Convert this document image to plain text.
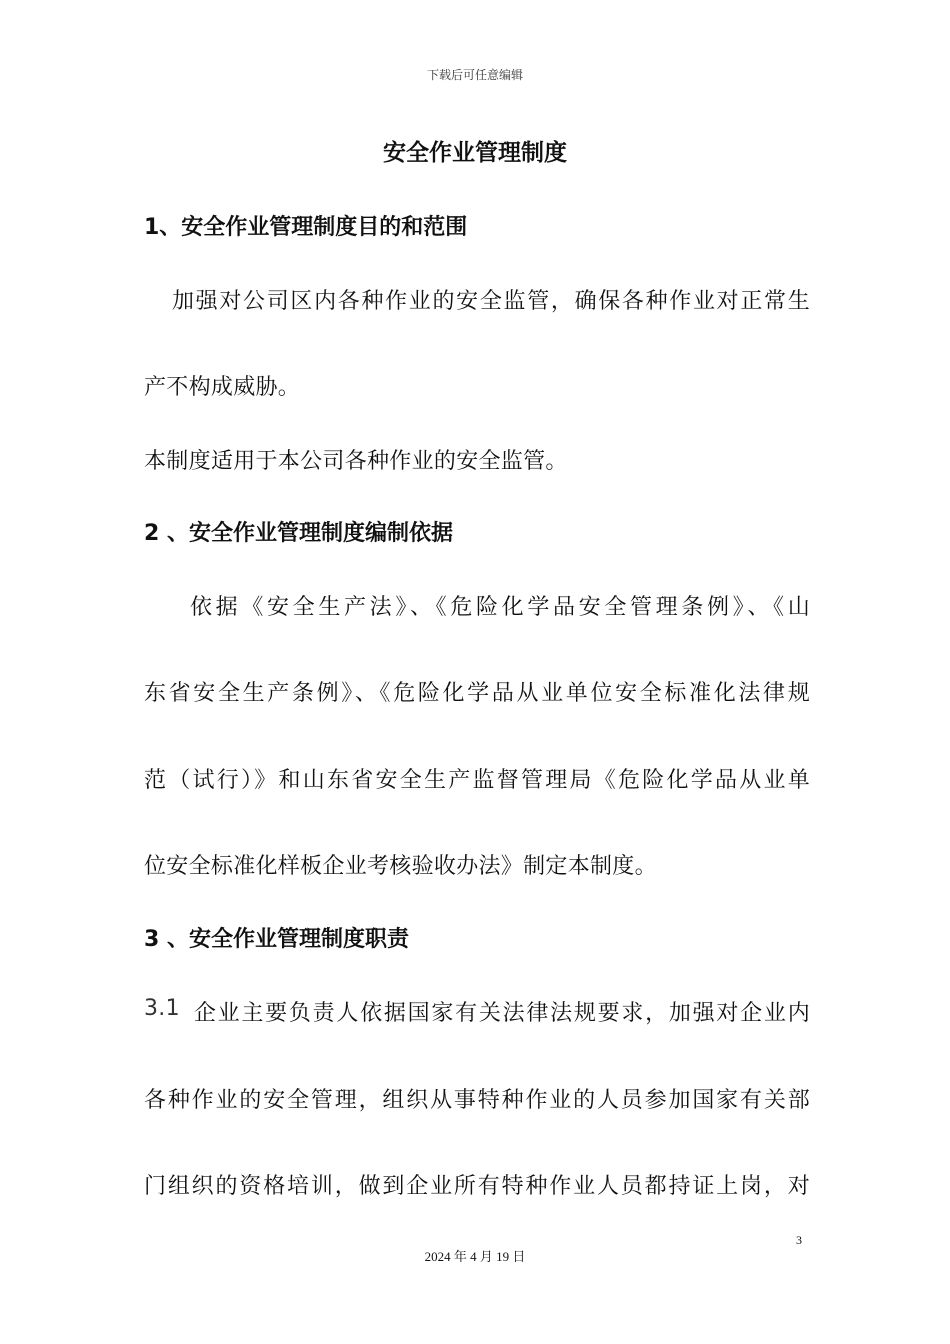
下载后可任意编辑
安全作业管理制度
1、安全作业管理制度目的和范围
加强对公司区内各种作业的安全监管，确保各种作业对正常生
产不构成威胁。
本制度适用于本公司各种作业的安全监管。
2 、安全作业管理制度编制依据
依据《安全生产法》、《危险化学品安全管理条例》、《山
东省安全生产条例》、《危险化学品从业单位安全标准化法律规
范（试行）》和山东省安全生产监督管理局《危险化学品从业单
位安全标准化样板企业考核验收办法》制定本制度。
3 、安全作业管理制度职责
3.1 企业主要负责人依据国家有关法律法规要求，加强对企业内
各种作业的安全管理，组织从事特种作业的人员参加国家有关部
门组织的资格培训，做到企业所有特种作业人员都持证上岗，对
3
2024 年 4 月 19 日
